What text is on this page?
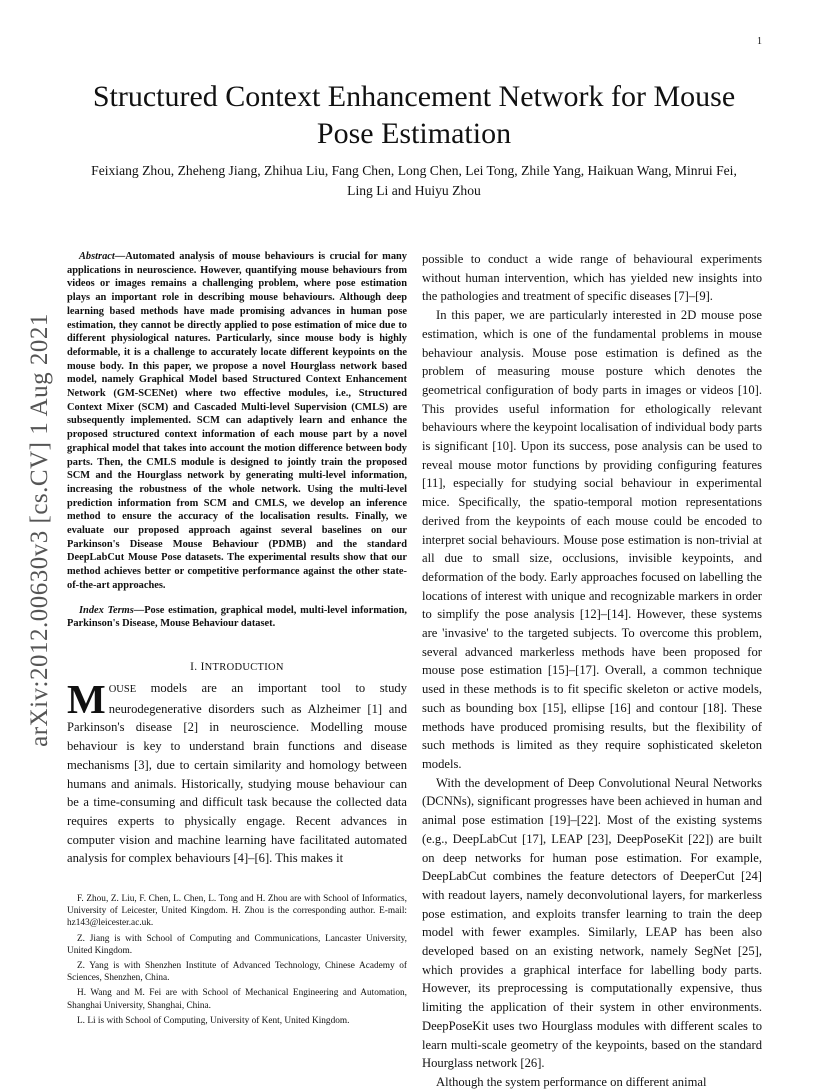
1
arXiv:2012.00630v3 [cs.CV] 1 Aug 2021
Structured Context Enhancement Network for Mouse Pose Estimation
Feixiang Zhou, Zheheng Jiang, Zhihua Liu, Fang Chen, Long Chen, Lei Tong, Zhile Yang, Haikuan Wang, Minrui Fei, Ling Li and Huiyu Zhou

Abstract—Automated analysis of mouse behaviours is crucial for many applications in neuroscience. However, quantifying mouse behaviours from videos or images remains a challenging problem, where pose estimation plays an important role in describing mouse behaviours. Although deep learning based methods have made promising advances in human pose estimation, they cannot be directly applied to pose estimation of mice due to different physiological natures. Particularly, since mouse body is highly deformable, it is a challenge to accurately locate different keypoints on the mouse body. In this paper, we propose a novel Hourglass network based model, namely Graphical Model based Structured Context Enhancement Network (GM-SCENet) where two effective modules, i.e., Structured Context Mixer (SCM) and Cascaded Multi-level Supervision (CMLS) are subsequently implemented. SCM can adaptively learn and enhance the proposed structured context information of each mouse part by a novel graphical model that takes into account the motion difference between body parts. Then, the CMLS module is designed to jointly train the proposed SCM and the Hourglass network by generating multi-level information, increasing the robustness of the whole network. Using the multi-level prediction information from SCM and CMLS, we develop an inference method to ensure the accuracy of the localisation results. Finally, we evaluate our proposed approach against several baselines on our Parkinson's Disease Mouse Behaviour (PDMB) and the standard DeepLabCut Mouse Pose datasets. The experimental results show that our method achieves better or competitive performance against the other state-of-the-art approaches.

Index Terms—Pose estimation, graphical model, multi-level information, Parkinson's Disease, Mouse Behaviour dataset.

I. INTRODUCTION

MOUSE models are an important tool to study neurodegenerative disorders such as Alzheimer [1] and Parkinson's disease [2] in neuroscience. Modelling mouse behaviour is key to understand brain functions and disease mechanisms [3], due to certain similarity and homology between humans and animals. Historically, studying mouse behaviour can be a time-consuming and difficult task because the collected data requires experts to physically engage. Recent advances in computer vision and machine learning have facilitated automated analysis for complex behaviours [4]–[6]. This makes it

F. Zhou, Z. Liu, F. Chen, L. Chen, L. Tong and H. Zhou are with School of Informatics, University of Leicester, United Kingdom. H. Zhou is the corresponding author. E-mail: hz143@leicester.ac.uk.

Z. Jiang is with School of Computing and Communications, Lancaster University, United Kingdom.

Z. Yang is with Shenzhen Institute of Advanced Technology, Chinese Academy of Sciences, Shenzhen, China.

H. Wang and M. Fei are with School of Mechanical Engineering and Automation, Shanghai University, Shanghai, China.

L. Li is with School of Computing, University of Kent, United Kingdom.

possible to conduct a wide range of behavioural experiments without human intervention, which has yielded new insights into the pathologies and treatment of specific diseases [7]–[9].

In this paper, we are particularly interested in 2D mouse pose estimation, which is one of the fundamental problems in mouse behaviour analysis. Mouse pose estimation is defined as the problem of measuring mouse posture which denotes the geometrical configuration of body parts in images or videos [10]. This provides useful information for ethologically relevant behaviours where the keypoint localisation of individual body parts is significant [10]. Upon its success, pose analysis can be used to reveal mouse motor functions by providing configuring features [11], especially for studying social behaviour in experimental mice. Specifically, the spatio-temporal motion representations derived from the keypoints of each mouse could be encoded to interpret social behaviours. Mouse pose estimation is non-trivial at all due to small size, occlusions, invisible keypoints, and deformation of the body. Early approaches focused on labelling the locations of interest with unique and recognizable markers in order to simplify the pose analysis [12]–[14]. However, these systems are 'invasive' to the targeted subjects. To overcome this problem, several advanced markerless methods have been proposed for mouse pose estimation [15]–[17]. Overall, a common technique used in these methods is to fit specific skeleton or active models, such as bounding box [15], ellipse [16] and contour [18]. These methods have produced promising results, but the flexibility of such methods is limited as they require sophisticated skeleton models.

With the development of Deep Convolutional Neural Networks (DCNNs), significant progresses have been achieved in human and animal pose estimation [19]–[22]. Most of the existing systems (e.g., DeepLabCut [17], LEAP [23], DeepPoseKit [22]) are built on deep networks for human pose estimation. For example, DeepLabCut combines the feature detectors of DeeperCut [24] with readout layers, namely deconvolutional layers, for markerless pose estimation, and exploits transfer learning to train the deep model with fewer examples. Similarly, LEAP has been also developed based on an existing network, namely SegNet [25], which provides a graphical interface for labelling body parts. However, its preprocessing is computationally expensive, thus limiting the application of their system in other environments. DeepPoseKit uses two Hourglass modules with different scales to learn multi-scale geometry of the keypoints, based on the standard Hourglass network [26].

Although the system performance on different animal
